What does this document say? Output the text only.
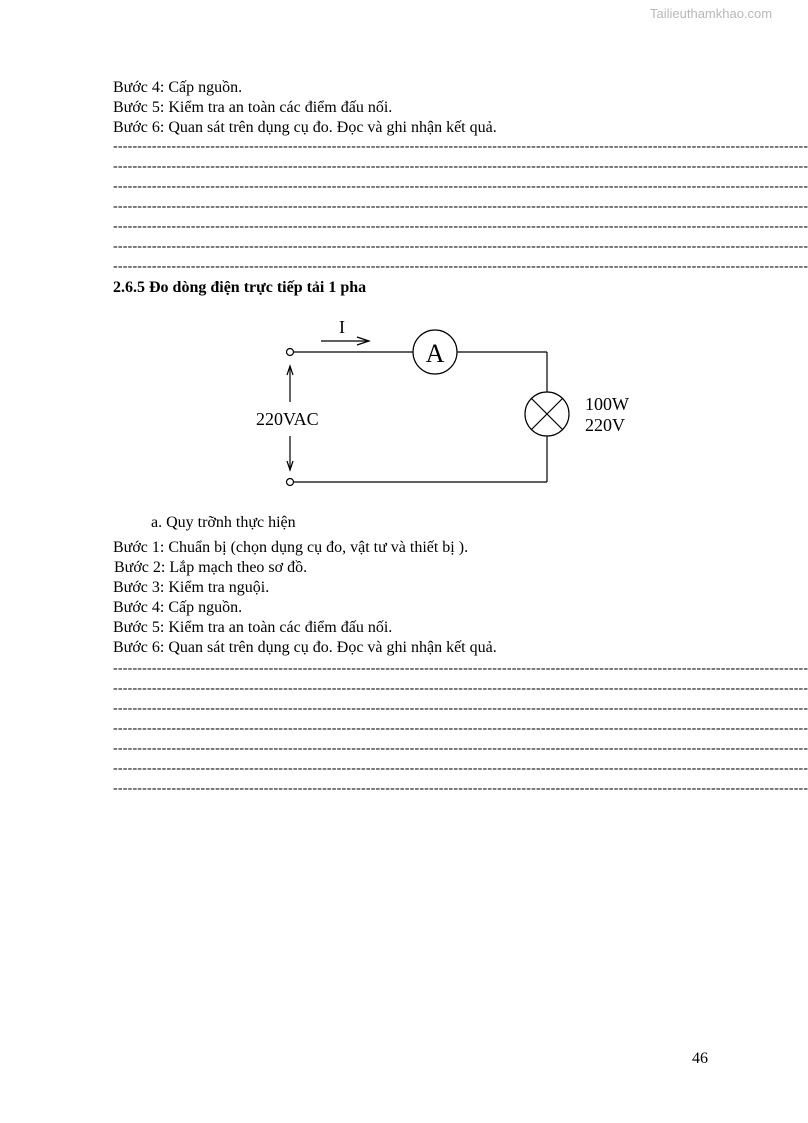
Tailieuthamkhao.com
Bước 4: Cấp nguồn.
Bước 5: Kiểm tra an toàn các điểm đấu nối.
Bước 6: Quan sát trên dụng cụ đo. Đọc và ghi nhận kết quả.
-----------------------------------------------------------------------------------------------------------------------------------------------
-----------------------------------------------------------------------------------------------------------------------------------------------
-----------------------------------------------------------------------------------------------------------------------------------------------
-----------------------------------------------------------------------------------------------------------------------------------------------
-----------------------------------------------------------------------------------------------------------------------------------------------
-----------------------------------------------------------------------------------------------------------------------------------------------
-----------------------------------------------------------------------------------------------------------------------------------------------
2.6.5 Đo dòng điện trực tiếp tải 1 pha
I
A
220VAC
100W
220V
a. Quy trỡnh thực hiện
Bước 1: Chuẩn bị (chọn dụng cụ đo, vật tư và thiết bị ).
Bước 2: Lắp mạch theo sơ đồ.
Bước 3: Kiểm tra nguội.
Bước 4: Cấp nguồn.
Bước 5: Kiểm tra an toàn các điểm đấu nối.
Bước 6: Quan sát trên dụng cụ đo. Đọc và ghi nhận kết quả.
-----------------------------------------------------------------------------------------------------------------------------------------------
-----------------------------------------------------------------------------------------------------------------------------------------------
-----------------------------------------------------------------------------------------------------------------------------------------------
-----------------------------------------------------------------------------------------------------------------------------------------------
-----------------------------------------------------------------------------------------------------------------------------------------------
-----------------------------------------------------------------------------------------------------------------------------------------------
-----------------------------------------------------------------------------------------------------------------------------------------------
46
